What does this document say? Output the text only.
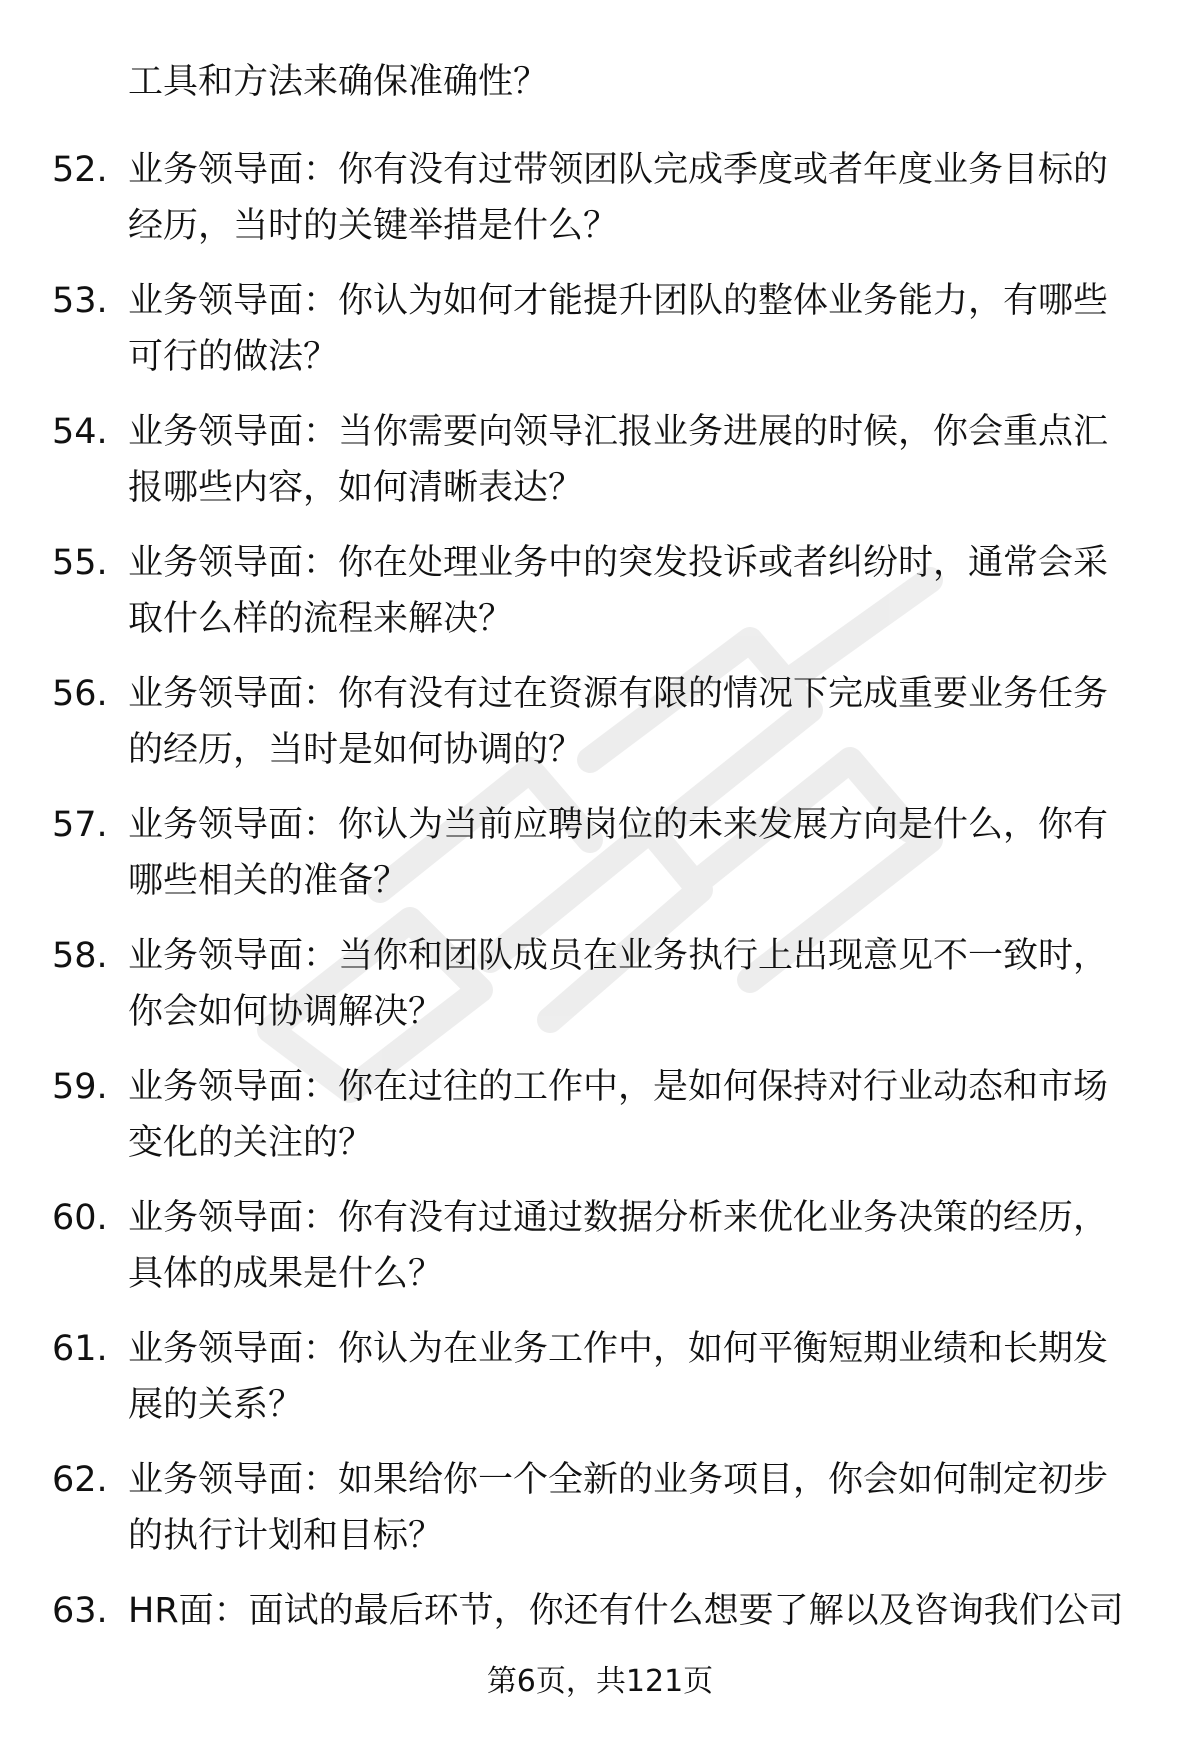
工具和方法来确保准确性？
52. 业务领导面：你有没有过带领团队完成季度或者年度业务目标的
经历，当时的关键举措是什么？
53. 业务领导面：你认为如何才能提升团队的整体业务能力，有哪些
可行的做法？
54. 业务领导面：当你需要向领导汇报业务进展的时候，你会重点汇
报哪些内容，如何清晰表达？
55. 业务领导面：你在处理业务中的突发投诉或者纠纷时，通常会采
取什么样的流程来解决？
56. 业务领导面：你有没有过在资源有限的情况下完成重要业务任务
的经历，当时是如何协调的？
57. 业务领导面：你认为当前应聘岗位的未来发展方向是什么，你有
哪些相关的准备？
58. 业务领导面：当你和团队成员在业务执行上出现意见不一致时，
你会如何协调解决？
59. 业务领导面：你在过往的工作中，是如何保持对行业动态和市场
变化的关注的？
60. 业务领导面：你有没有过通过数据分析来优化业务决策的经历，
具体的成果是什么？
61. 业务领导面：你认为在业务工作中，如何平衡短期业绩和长期发
展的关系？
62. 业务领导面：如果给你一个全新的业务项目，你会如何制定初步
的执行计划和目标？
63. HR面：面试的最后环节，你还有什么想要了解以及咨询我们公司
第6页，共121页
